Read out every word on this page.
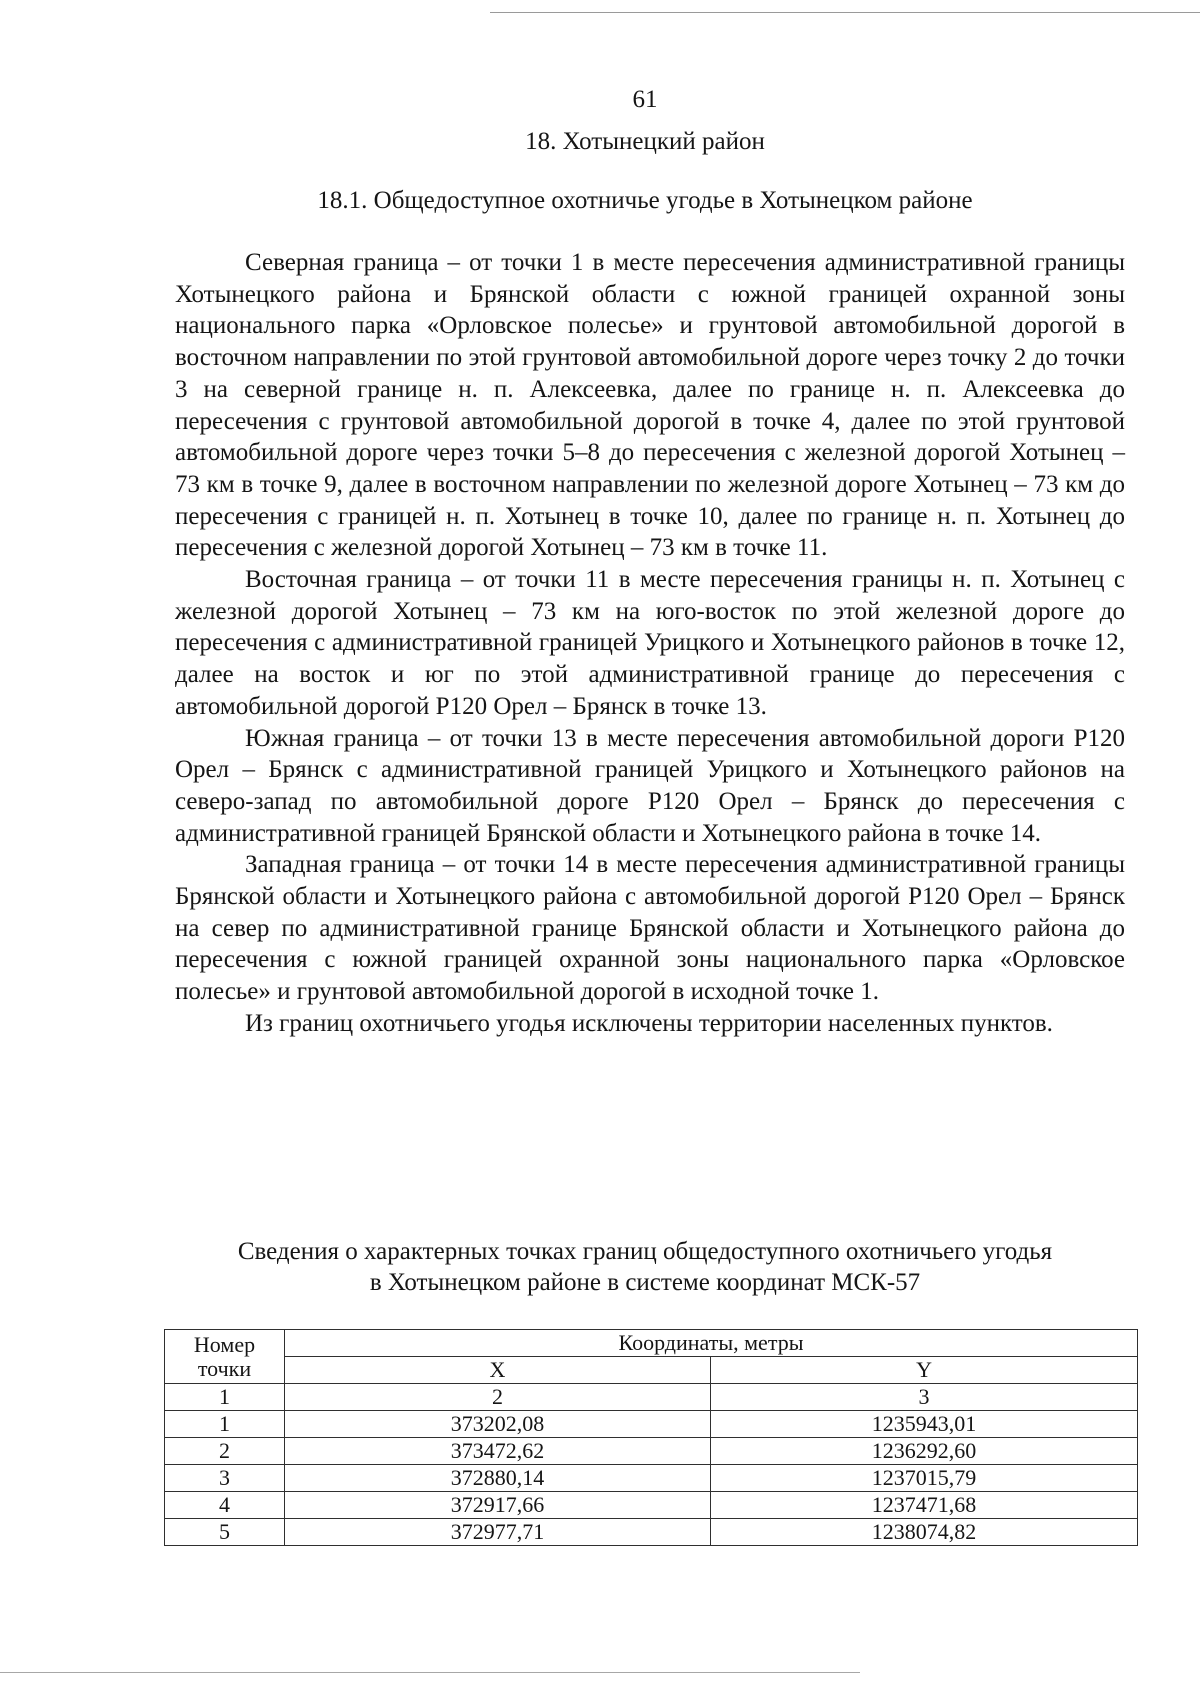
61
18. Хотынецкий район
18.1. Общедоступное охотничье угодье в Хотынецком районе

Северная граница – от точки 1 в месте пересечения административной границы Хотынецкого района и Брянской области с южной границей охранной зоны национального парка «Орловское полесье» и грунтовой автомобильной дорогой в восточном направлении по этой грунтовой автомобильной дороге через точку 2 до точки 3 на северной границе н. п. Алексеевка, далее по границе н. п. Алексеевка до пересечения с грунтовой автомобильной дорогой в точке 4, далее по этой грунтовой автомобильной дороге через точки 5–8 до пересечения с железной дорогой Хотынец – 73 км в точке 9, далее в восточном направлении по железной дороге Хотынец – 73 км до пересечения с границей н. п. Хотынец в точке 10, далее по границе н. п. Хотынец до пересечения с железной дорогой Хотынец – 73 км в точке 11.

Восточная граница – от точки 11 в месте пересечения границы н. п. Хотынец с железной дорогой Хотынец – 73 км на юго-восток по этой железной дороге до пересечения с административной границей Урицкого и Хотынецкого районов в точке 12, далее на восток и юг по этой административной границе до пересечения с автомобильной дорогой Р120 Орел – Брянск в точке 13.

Южная граница – от точки 13 в месте пересечения автомобильной дороги Р120 Орел – Брянск с административной границей Урицкого и Хотынецкого районов на северо-запад по автомобильной дороге Р120 Орел – Брянск до пересечения с административной границей Брянской области и Хотынецкого района в точке 14.

Западная граница – от точки 14 в месте пересечения административной границы Брянской области и Хотынецкого района с автомобильной дорогой Р120 Орел – Брянск на север по административной границе Брянской области и Хотынецкого района до пересечения с южной границей охранной зоны национального парка «Орловское полесье» и грунтовой автомобильной дорогой в исходной точке 1.

Из границ охотничьего угодья исключены территории населенных пунктов.

Сведения о характерных точках границ общедоступного охотничьего угодья
в Хотынецком районе в системе координат МСК-57
Номер точки	Координаты, метры	
	X	Y
1	2	3
1	373202,08	1235943,01
2	373472,62	1236292,60
3	372880,14	1237015,79
4	372917,66	1237471,68
5	372977,71	1238074,82
